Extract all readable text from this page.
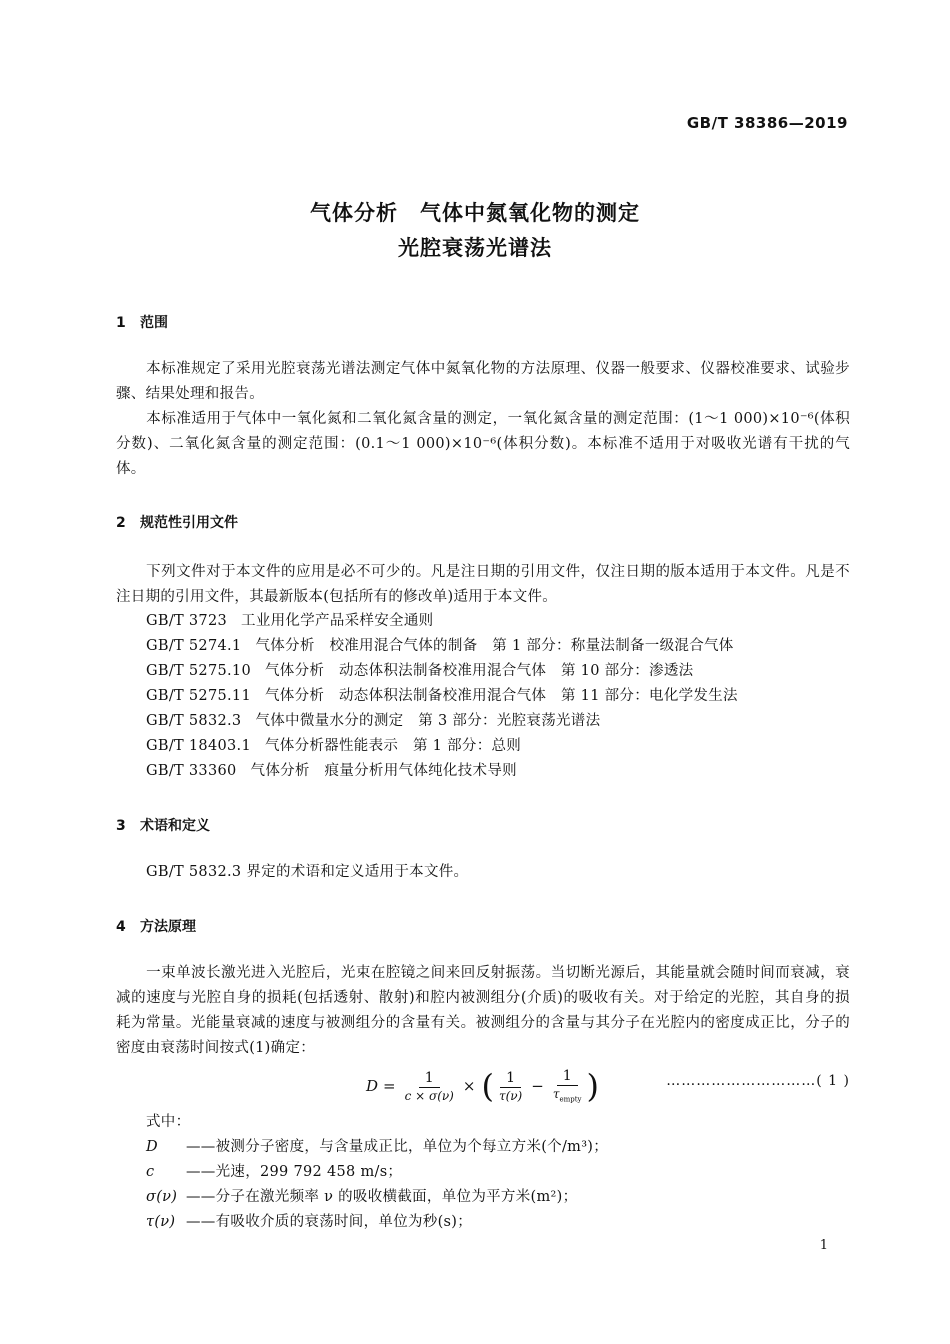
GB/T 38386—2019
气体分析　气体中氮氧化物的测定
光腔衰荡光谱法
1 范围
本标准规定了采用光腔衰荡光谱法测定气体中氮氧化物的方法原理、仪器一般要求、仪器校准要求、试验步骤、结果处理和报告。
本标准适用于气体中一氧化氮和二氧化氮含量的测定，一氧化氮含量的测定范围：(1～1 000)×10⁻⁶(体积分数)、二氧化氮含量的测定范围：(0.1～1 000)×10⁻⁶(体积分数)。本标准不适用于对吸收光谱有干扰的气体。
2 规范性引用文件
下列文件对于本文件的应用是必不可少的。凡是注日期的引用文件，仅注日期的版本适用于本文件。凡是不注日期的引用文件，其最新版本(包括所有的修改单)适用于本文件。
GB/T 3723 工业用化学产品采样安全通则
GB/T 5274.1 气体分析　校准用混合气体的制备　第 1 部分：称量法制备一级混合气体
GB/T 5275.10 气体分析　动态体积法制备校准用混合气体　第 10 部分：渗透法
GB/T 5275.11 气体分析　动态体积法制备校准用混合气体　第 11 部分：电化学发生法
GB/T 5832.3 气体中微量水分的测定　第 3 部分：光腔衰荡光谱法
GB/T 18403.1 气体分析器性能表示　第 1 部分：总则
GB/T 33360 气体分析　痕量分析用气体纯化技术导则
3 术语和定义
GB/T 5832.3 界定的术语和定义适用于本文件。
4 方法原理
一束单波长激光进入光腔后，光束在腔镜之间来回反射振荡。当切断光源后，其能量就会随时间而衰减，衰减的速度与光腔自身的损耗(包括透射、散射)和腔内被测组分(介质)的吸收有关。对于给定的光腔，其自身的损耗为常量。光能量衰减的速度与被测组分的含量有关。被测组分的含量与其分子在光腔内的密度成正比，分子的密度由衰荡时间按式(1)确定：
$D = \frac{1}{c \times \sigma(\nu)}$ × ( $\frac{1}{\tau(\nu)} - \frac{1}{\tau_{empty}}$ )	…………………………( 1 )
式中：
D ——被测分子密度，与含量成正比，单位为个每立方米(个/m³)；
c ——光速，299 792 458 m/s；
σ(ν) ——分子在激光频率 ν 的吸收横截面，单位为平方米(m²)；
τ(ν) ——有吸收介质的衰荡时间，单位为秒(s)；
1
